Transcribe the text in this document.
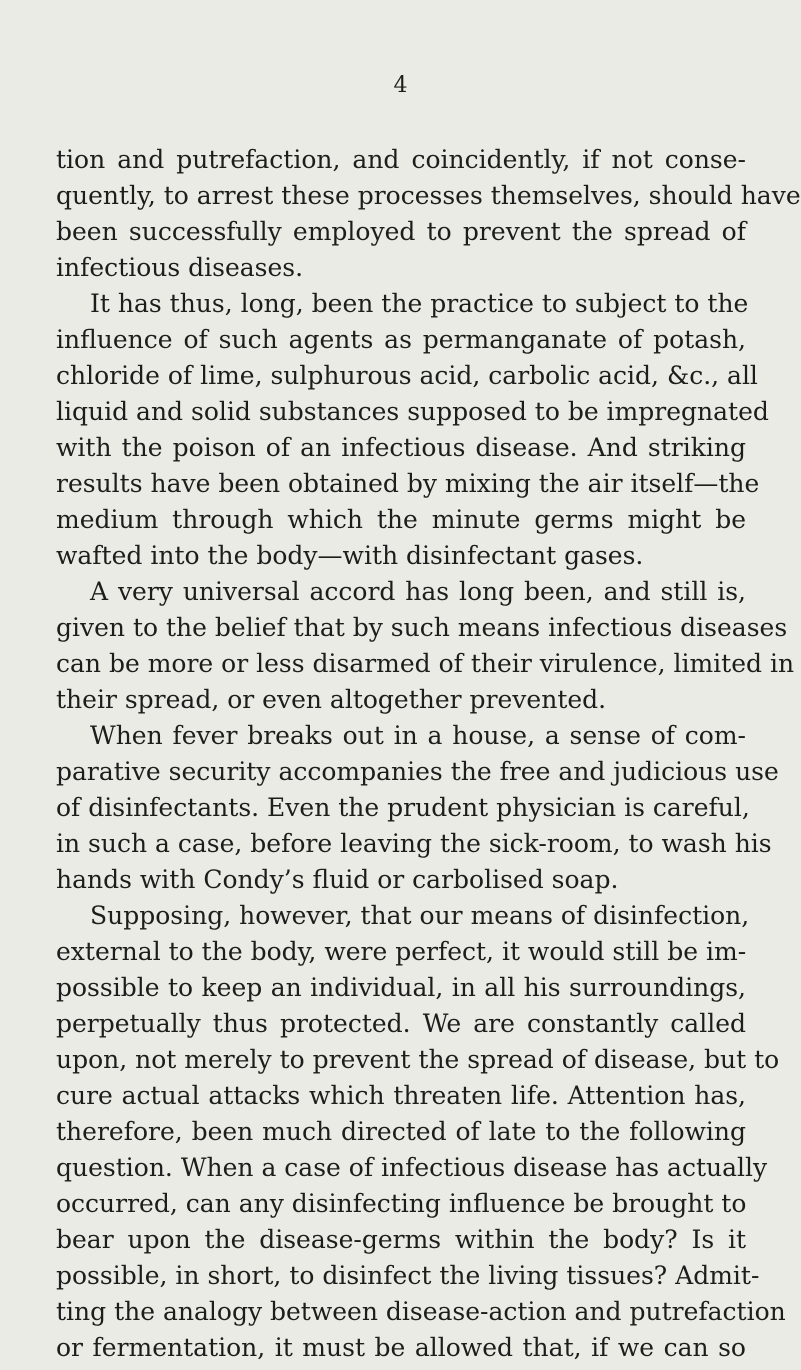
4
tion and putrefaction, and coincidently, if not conse-
quently, to arrest these processes themselves, should have
been successfully employed to prevent the spread of
infectious diseases.
It has thus, long, been the practice to subject to the
influence of such agents as permanganate of potash,
chloride of lime, sulphurous acid, carbolic acid, &c., all
liquid and solid substances supposed to be impregnated
with the poison of an infectious disease. And striking
results have been obtained by mixing the air itself—the
medium through which the minute germs might be
wafted into the body—with disinfectant gases.
A very universal accord has long been, and still is,
given to the belief that by such means infectious diseases
can be more or less disarmed of their virulence, limited in
their spread, or even altogether prevented.
When fever breaks out in a house, a sense of com-
parative security accompanies the free and judicious use
of disinfectants. Even the prudent physician is careful,
in such a case, before leaving the sick-room, to wash his
hands with Condy’s fluid or carbolised soap.
Supposing, however, that our means of disinfection,
external to the body, were perfect, it would still be im-
possible to keep an individual, in all his surroundings,
perpetually thus protected. We are constantly called
upon, not merely to prevent the spread of disease, but to
cure actual attacks which threaten life. Attention has,
therefore, been much directed of late to the following
question. When a case of infectious disease has actually
occurred, can any disinfecting influence be brought to
bear upon the disease-germs within the body? Is it
possible, in short, to disinfect the living tissues? Admit-
ting the analogy between disease-action and putrefaction
or fermentation, it must be allowed that, if we can so
